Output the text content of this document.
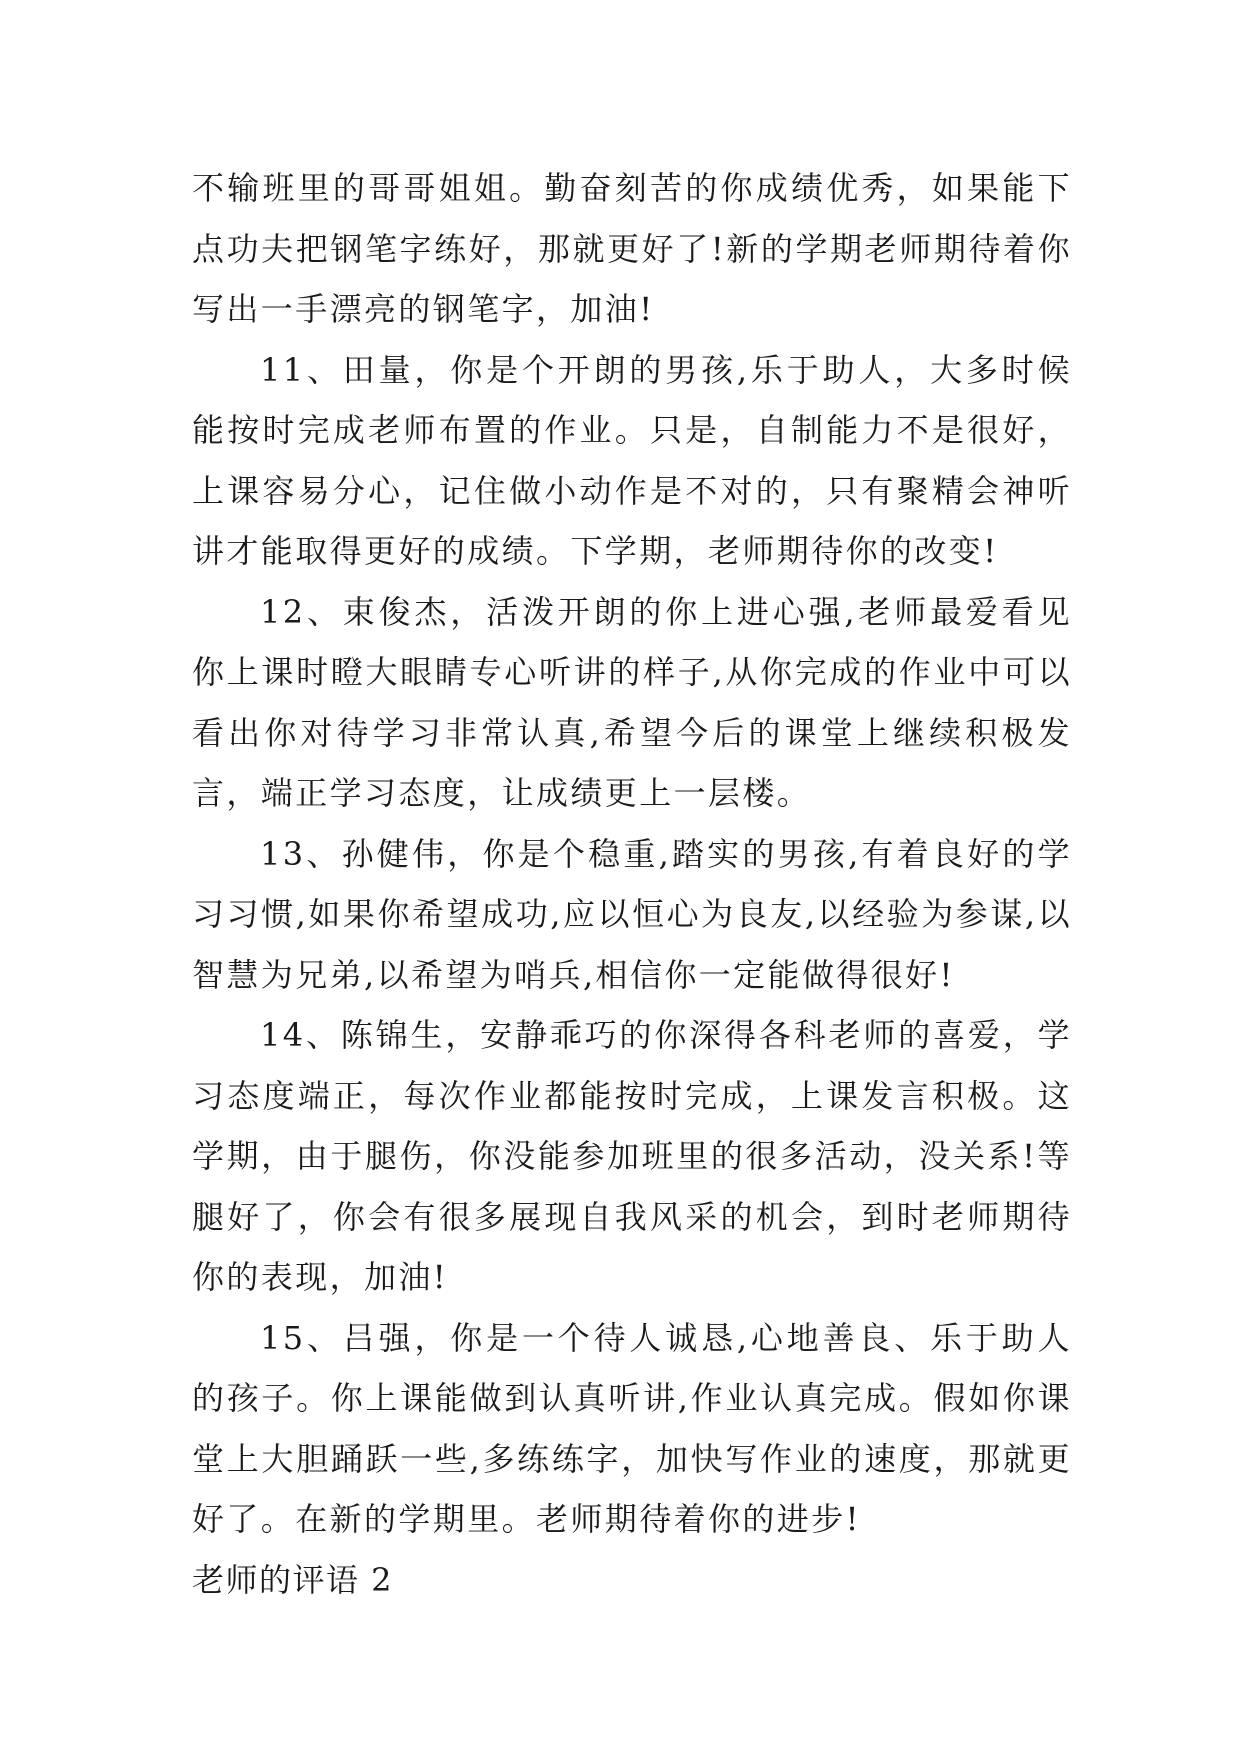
不输班里的哥哥姐姐。勤奋刻苦的你成绩优秀，如果能下点功夫把钢笔字练好，那就更好了!新的学期老师期待着你写出一手漂亮的钢笔字，加油!

11、田量，你是个开朗的男孩,乐于助人，大多时候能按时完成老师布置的作业。只是，自制能力不是很好，上课容易分心，记住做小动作是不对的，只有聚精会神听讲才能取得更好的成绩。下学期，老师期待你的改变!

12、束俊杰，活泼开朗的你上进心强,老师最爱看见你上课时瞪大眼睛专心听讲的样子,从你完成的作业中可以看出你对待学习非常认真,希望今后的课堂上继续积极发言，端正学习态度，让成绩更上一层楼。

13、孙健伟，你是个稳重,踏实的男孩,有着良好的学习习惯,如果你希望成功,应以恒心为良友,以经验为参谋,以智慧为兄弟,以希望为哨兵,相信你一定能做得很好!

14、陈锦生，安静乖巧的你深得各科老师的喜爱，学习态度端正，每次作业都能按时完成，上课发言积极。这学期，由于腿伤，你没能参加班里的很多活动，没关系!等腿好了，你会有很多展现自我风采的机会，到时老师期待你的表现，加油!

15、吕强，你是一个待人诚恳,心地善良、乐于助人的孩子。你上课能做到认真听讲,作业认真完成。假如你课堂上大胆踊跃一些,多练练字，加快写作业的速度，那就更好了。在新的学期里。老师期待着你的进步!

老师的评语 2
